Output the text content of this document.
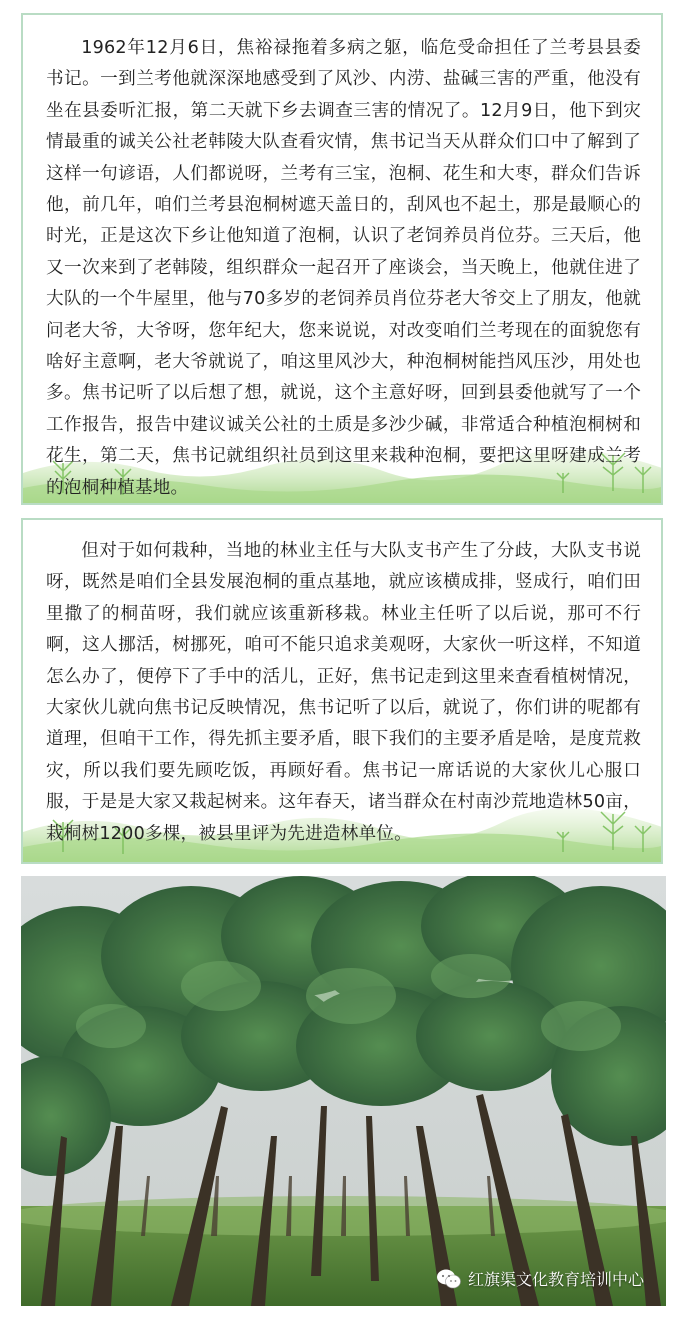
1962年12月6日，焦裕禄拖着多病之躯，临危受命担任了兰考县县委书记。一到兰考他就深深地感受到了风沙、内涝、盐碱三害的严重，他没有坐在县委听汇报，第二天就下乡去调查三害的情况了。12月9日，他下到灾情最重的诚关公社老韩陵大队查看灾情，焦书记当天从群众们口中了解到了这样一句谚语，人们都说呀，兰考有三宝，泡桐、花生和大枣，群众们告诉他，前几年，咱们兰考县泡桐树遮天盖日的，刮风也不起土，那是最顺心的时光，正是这次下乡让他知道了泡桐，认识了老饲养员肖位芬。三天后，他又一次来到了老韩陵，组织群众一起召开了座谈会，当天晚上，他就住进了大队的一个牛屋里，他与70多岁的老饲养员肖位芬老大爷交上了朋友，他就问老大爷，大爷呀，您年纪大，您来说说，对改变咱们兰考现在的面貌您有啥好主意啊，老大爷就说了，咱这里风沙大，种泡桐树能挡风压沙，用处也多。焦书记听了以后想了想，就说，这个主意好呀，回到县委他就写了一个工作报告，报告中建议诚关公社的土质是多沙少碱，非常适合种植泡桐树和花生，第二天，焦书记就组织社员到这里来栽种泡桐，要把这里呀建成兰考的泡桐种植基地。

但对于如何栽种，当地的林业主任与大队支书产生了分歧，大队支书说呀，既然是咱们全县发展泡桐的重点基地，就应该横成排，竖成行，咱们田里撒了的桐苗呀，我们就应该重新移栽。林业主任听了以后说，那可不行啊，这人挪活，树挪死，咱可不能只追求美观呀，大家伙一听这样，不知道怎么办了，便停下了手中的活儿，正好，焦书记走到这里来查看植树情况，大家伙儿就向焦书记反映情况，焦书记听了以后，就说了，你们讲的呢都有道理，但咱干工作，得先抓主要矛盾，眼下我们的主要矛盾是啥，是度荒救灾，所以我们要先顾吃饭，再顾好看。焦书记一席话说的大家伙儿心服口服，于是是大家又栽起树来。这年春天，诸当群众在村南沙荒地造林50亩，栽桐树1200多棵，被县里评为先进造林单位。

红旗渠文化教育培训中心
